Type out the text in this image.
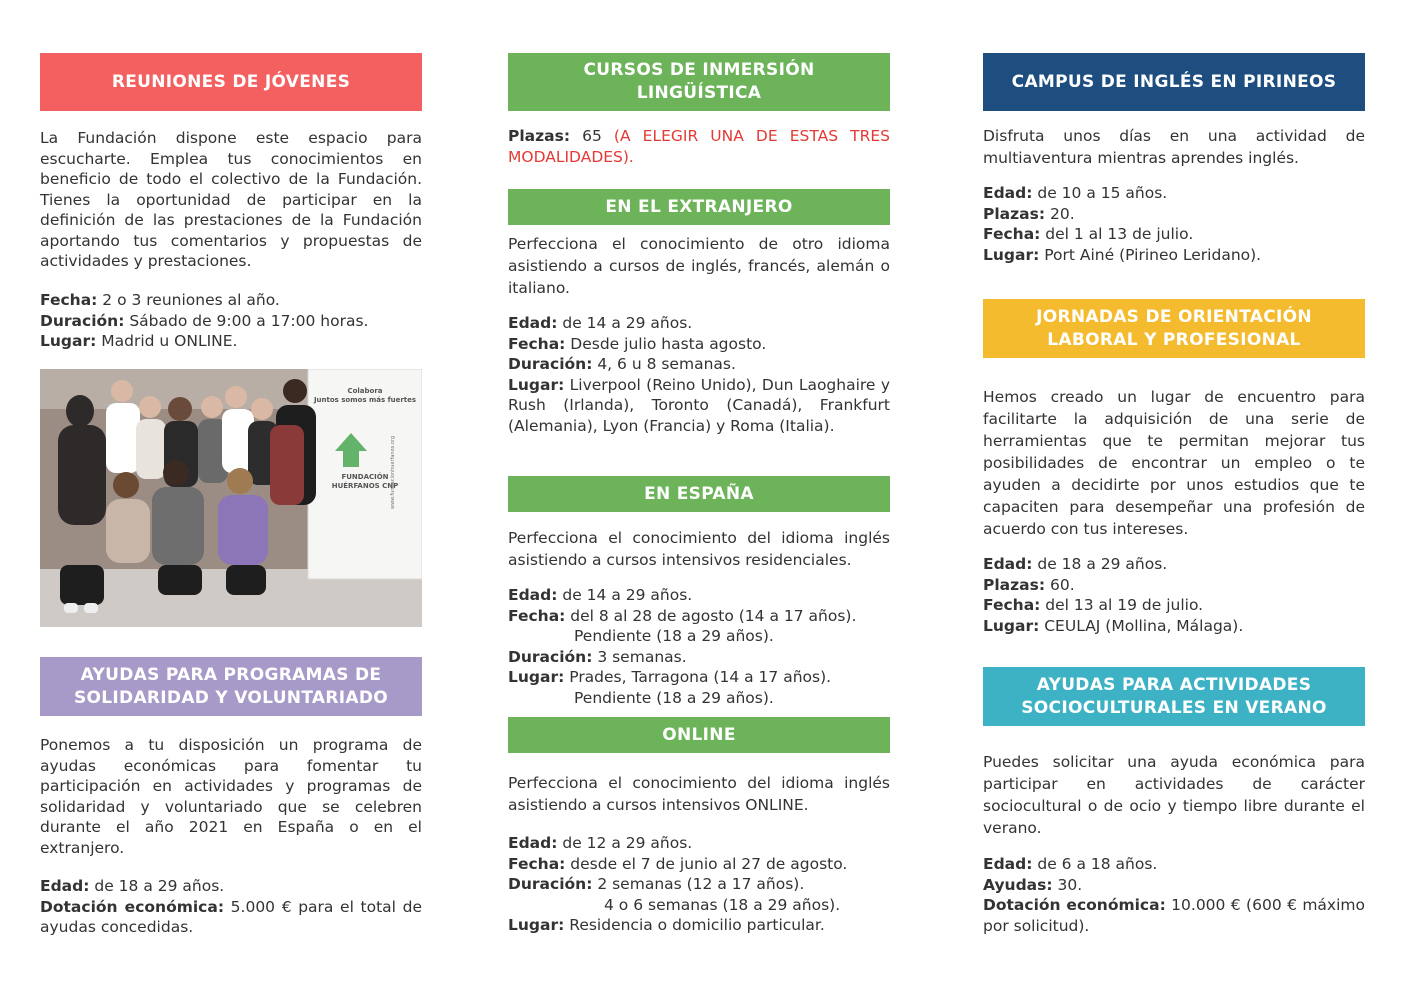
REUNIONES DE JÓVENES

La Fundación dispone este espacio para escucharte. Emplea tus conocimientos en beneficio de todo el colectivo de la Fundación. Tienes la oportunidad de participar en la definición de las prestaciones de la Fundación aportando tus comentarios y propuestas de actividades y prestaciones.

Fecha: 2 o 3 reuniones al año.
Duración: Sábado de 9:00 a 17:00 horas.
Lugar: Madrid u ONLINE.
Colabora
Juntos somos más fuertes
FUNDACIÓN
HUÉRFANOS CNP
www.fundacionhuerfanos.org
AYUDAS PARA PROGRAMAS DE
SOLIDARIDAD Y VOLUNTARIADO

Ponemos a tu disposición un programa de ayudas económicas para fomentar tu participación en actividades y programas de solidaridad y voluntariado que se celebren durante el año 2021 en España o en el extranjero.

Edad: de 18 a 29 años.
Dotación económica: 5.000 € para el total de ayudas concedidas.
CURSOS DE INMERSIÓN
LINGÜÍSTICA
Plazas: 65 (A ELEGIR UNA DE ESTAS TRES MODALIDADES).
EN EL EXTRANJERO

Perfecciona el conocimiento de otro idioma asistiendo a cursos de inglés, francés, alemán o italiano.

Edad: de 14 a 29 años.
Fecha: Desde julio hasta agosto.
Duración: 4, 6 u 8 semanas.
Lugar: Liverpool (Reino Unido), Dun Laoghaire y Rush (Irlanda), Toronto (Canadá), Frankfurt (Alemania), Lyon (Francia) y Roma (Italia).
EN ESPAÑA

Perfecciona el conocimiento del idioma inglés asistiendo a cursos intensivos residenciales.

Edad: de 14 a 29 años.
Fecha: del 8 al 28 de agosto (14 a 17 años).
Pendiente (18 a 29 años).
Duración: 3 semanas.
Lugar: Prades, Tarragona (14 a 17 años).
Pendiente (18 a 29 años).
ONLINE

Perfecciona el conocimiento del idioma inglés asistiendo a cursos intensivos ONLINE.

Edad: de 12 a 29 años.
Fecha: desde el 7 de junio al 27 de agosto.
Duración: 2 semanas (12 a 17 años).
4 o 6 semanas (18 a 29 años).
Lugar: Residencia o domicilio particular.
CAMPUS DE INGLÉS EN PIRINEOS

Disfruta unos días en una actividad de multiaventura mientras aprendes inglés.

Edad: de 10 a 15 años.
Plazas: 20.
Fecha: del 1 al 13 de julio.
Lugar: Port Ainé (Pirineo Leridano).
JORNADAS DE ORIENTACIÓN
LABORAL Y PROFESIONAL

Hemos creado un lugar de encuentro para facilitarte la adquisición de una serie de herramientas que te permitan mejorar tus posibilidades de encontrar un empleo o te ayuden a decidirte por unos estudios que te capaciten para desempeñar una profesión de acuerdo con tus intereses.

Edad: de 18 a 29 años.
Plazas: 60.
Fecha: del 13 al 19 de julio.
Lugar: CEULAJ (Mollina, Málaga).
AYUDAS PARA ACTIVIDADES
SOCIOCULTURALES EN VERANO

Puedes solicitar una ayuda económica para participar en actividades de carácter sociocultural o de ocio y tiempo libre durante el verano.

Edad: de 6 a 18 años.
Ayudas: 30.
Dotación económica: 10.000 € (600 € máximo por solicitud).
